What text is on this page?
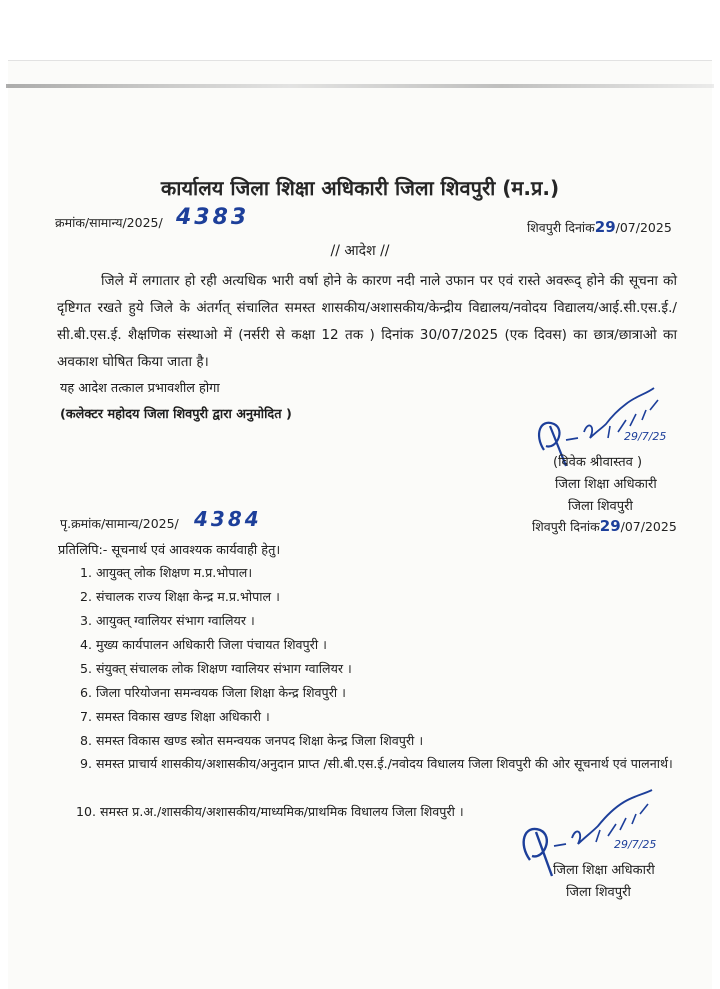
कार्यालय जिला शिक्षा अधिकारी जिला शिवपुरी (म.प्र.)
क्रमांक/सामान्य/2025/ 4383	शिवपुरी दिनांक29/07/2025
// आदेश //
जिले में लगातार हो रही अत्यधिक भारी वर्षा होने के कारण नदी नाले उफान पर एवं रास्ते अवरूद् होने की सूचना को दृष्टिगत रखते हुये जिले के अंतर्गत् संचालित समस्त शासकीय/अशासकीय/केन्द्रीय विद्यालय/नवोदय विद्यालय/आई.सी.एस.ई./सी.बी.एस.ई. शैक्षणिक संस्थाओ में (नर्सरी से कक्षा 12 तक ) दिनांक 30/07/2025 (एक दिवस) का छात्र/छात्राओ का अवकाश घोषित किया जाता है।
यह आदेश तत्काल प्रभावशील होगा
(कलेक्टर महोदय जिला शिवपुरी द्वारा अनुमोदित )
29/7/25
(विवेक श्रीवास्तव )
जिला शिक्षा अधिकारी
जिला शिवपुरी
पृ.क्रमांक/सामान्य/2025/ 4384	शिवपुरी दिनांक29/07/2025
प्रतिलिपि:- सूचनार्थ एवं आवश्यक कार्यवाही हेतु।
1. आयुक्त् लोक शिक्षण म.प्र.भोपाल।
2. संचालक राज्य शिक्षा केन्द्र म.प्र.भोपाल ।
3. आयुक्त् ग्वालियर संभाग ग्वालियर ।
4. मुख्य कार्यपालन अधिकारी जिला पंचायत शिवपुरी ।
5. संयुक्त् संचालक लोक शिक्षण ग्वालियर संभाग ग्वालियर ।
6. जिला परियोजना समन्वयक जिला शिक्षा केन्द्र शिवपुरी ।
7. समस्त विकास खण्ड शिक्षा अधिकारी ।
8. समस्त विकास खण्ड स्त्रोत समन्वयक जनपद शिक्षा केन्द्र जिला शिवपुरी ।
9. समस्त प्राचार्य शासकीय/अशासकीय/अनुदान प्राप्त /सी.बी.एस.ई./नवोदय विधालय जिला शिवपुरी की ओर सूचनार्थ एवं पालनार्थ।
10. समस्त प्र.अ./शासकीय/अशासकीय/माध्यमिक/प्राथमिक विधालय जिला शिवपुरी ।
29/7/25
जिला शिक्षा अधिकारी
जिला शिवपुरी
